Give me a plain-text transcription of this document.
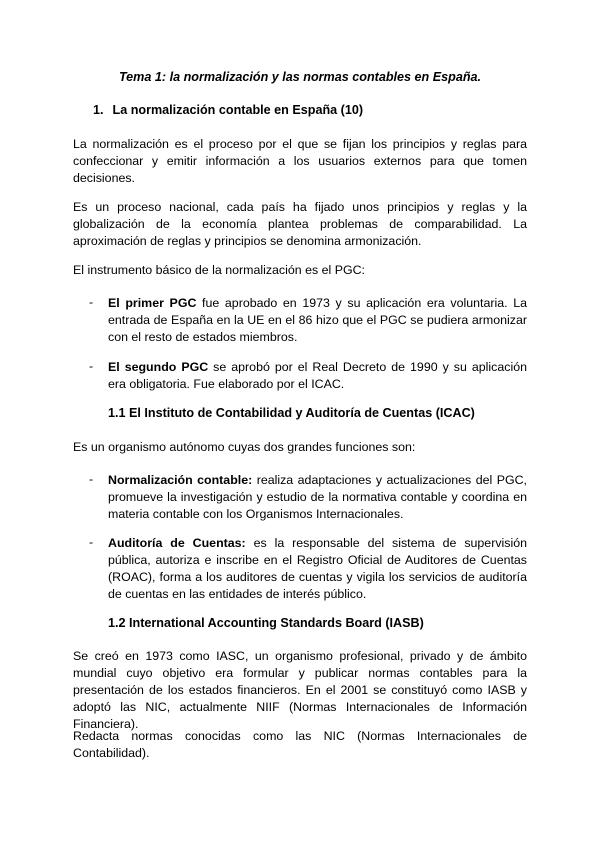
Tema 1: la normalización y las normas contables en España.
1. La normalización contable en España (10)
La normalización es el proceso por el que se fijan los principios y reglas para confeccionar y emitir información a los usuarios externos para que tomen decisiones.
Es un proceso nacional, cada país ha fijado unos principios y reglas y la globalización de la economía plantea problemas de comparabilidad. La aproximación de reglas y principios se denomina armonización.
El instrumento básico de la normalización es el PGC:
- El primer PGC fue aprobado en 1973 y su aplicación era voluntaria. La entrada de España en la UE en el 86 hizo que el PGC se pudiera armonizar con el resto de estados miembros.
- El segundo PGC se aprobó por el Real Decreto de 1990 y su aplicación era obligatoria. Fue elaborado por el ICAC.
1.1 El Instituto de Contabilidad y Auditoría de Cuentas (ICAC)
Es un organismo autónomo cuyas dos grandes funciones son:
- Normalización contable: realiza adaptaciones y actualizaciones del PGC, promueve la investigación y estudio de la normativa contable y coordina en materia contable con los Organismos Internacionales.
- Auditoría de Cuentas: es la responsable del sistema de supervisión pública, autoriza e inscribe en el Registro Oficial de Auditores de Cuentas (ROAC), forma a los auditores de cuentas y vigila los servicios de auditoría de cuentas en las entidades de interés público.
1.2 International Accounting Standards Board (IASB)
Se creó en 1973 como IASC, un organismo profesional, privado y de ámbito mundial cuyo objetivo era formular y publicar normas contables para la presentación de los estados financieros. En el 2001 se constituyó como IASB y adoptó las NIC, actualmente NIIF (Normas Internacionales de Información Financiera).
Redacta normas conocidas como las NIC (Normas Internacionales de Contabilidad).
